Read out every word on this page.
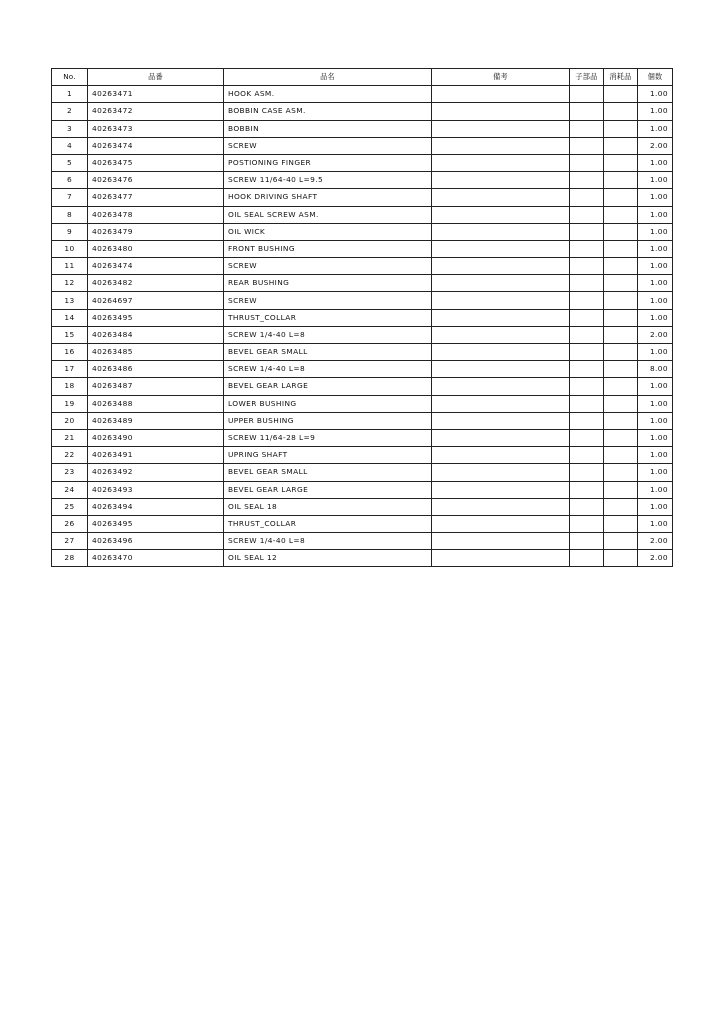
No.	品番	品名	備考	子部品	消耗品	個数
1	40263471	HOOK ASM.				1.00
2	40263472	BOBBIN CASE ASM.				1.00
3	40263473	BOBBIN				1.00
4	40263474	SCREW				2.00
5	40263475	POSTIONING FINGER				1.00
6	40263476	SCREW 11/64-40 L=9.5				1.00
7	40263477	HOOK DRIVING SHAFT				1.00
8	40263478	OIL SEAL SCREW ASM.				1.00
9	40263479	OIL WICK				1.00
10	40263480	FRONT BUSHING				1.00
11	40263474	SCREW				1.00
12	40263482	REAR BUSHING				1.00
13	40264697	SCREW				1.00
14	40263495	THRUST_COLLAR				1.00
15	40263484	SCREW 1/4-40 L=8				2.00
16	40263485	BEVEL GEAR SMALL				1.00
17	40263486	SCREW 1/4-40 L=8				8.00
18	40263487	BEVEL GEAR LARGE				1.00
19	40263488	LOWER BUSHING				1.00
20	40263489	UPPER BUSHING				1.00
21	40263490	SCREW 11/64-28 L=9				1.00
22	40263491	UPRING SHAFT				1.00
23	40263492	BEVEL GEAR SMALL				1.00
24	40263493	BEVEL GEAR LARGE				1.00
25	40263494	OIL SEAL 18				1.00
26	40263495	THRUST_COLLAR				1.00
27	40263496	SCREW 1/4-40 L=8				2.00
28	40263470	OIL SEAL 12				2.00
